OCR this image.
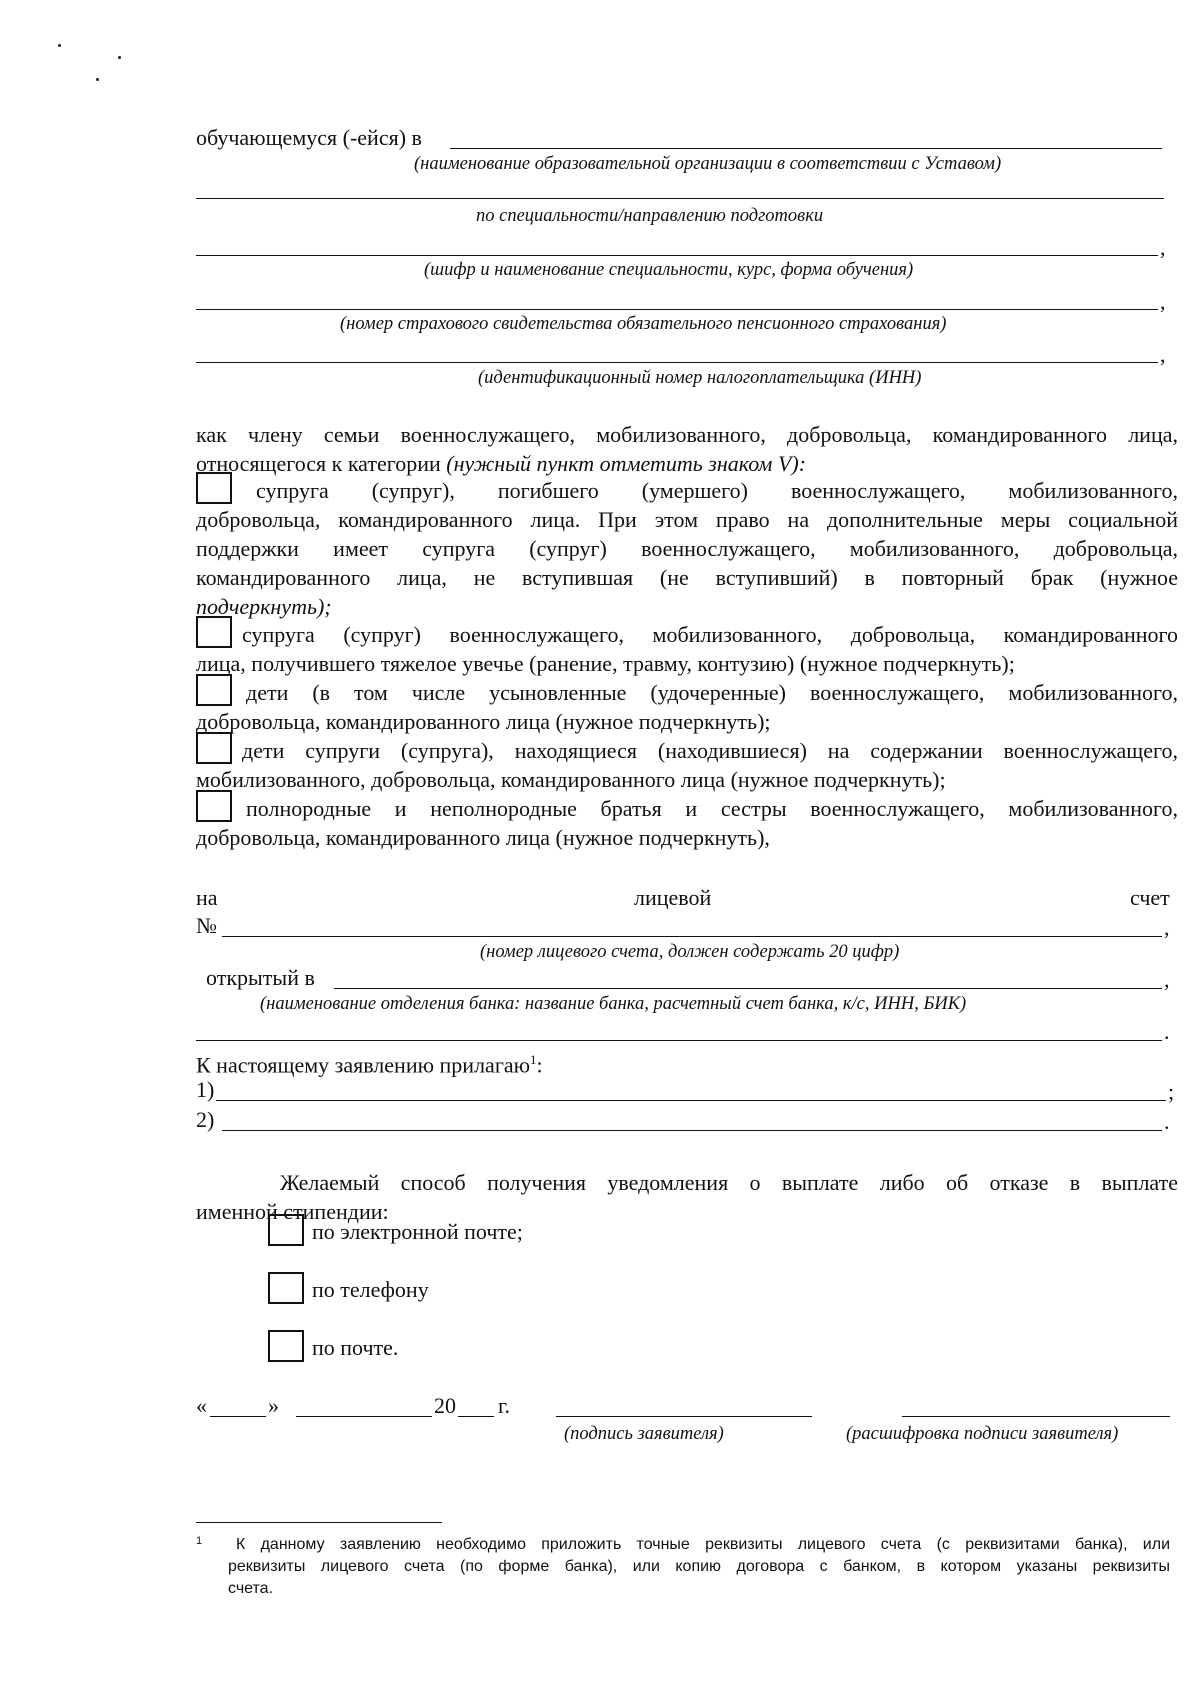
обучающемуся (-ейся) в
(наименование образовательной организации в соответствии с Уставом)
по специальности/направлению подготовки
,
(шифр и наименование специальности, курс, форма обучения)
,
(номер страхового свидетельства обязательного пенсионного страхования)
,
(идентификационный номер налогоплательщика (ИНН)
как члену семьи военнослужащего, мобилизованного, добровольца, командированного лица,
относящегося к категории (нужный пункт отметить знаком V):
супруга (супруг), погибшего (умершего) военнослужащего, мобилизованного,
добровольца, командированного лица. При этом право на дополнительные меры социальной
поддержки имеет супруга (супруг) военнослужащего, мобилизованного, добровольца,
командированного лица, не вступившая (не вступивший) в повторный брак (нужное
подчеркнуть);
супруга (супруг) военнослужащего, мобилизованного, добровольца, командированного
лица, получившего тяжелое увечье (ранение, травму, контузию) (нужное подчеркнуть);
дети (в том числе усыновленные (удочеренные) военнослужащего, мобилизованного,
добровольца, командированного лица (нужное подчеркнуть);
дети супруги (супруга), находящиеся (находившиеся) на содержании военнослужащего,
мобилизованного, добровольца, командированного лица (нужное подчеркнуть);
полнородные и неполнородные братья и сестры военнослужащего, мобилизованного,
добровольца, командированного лица (нужное подчеркнуть),
на	лицевой	счет
№	,
(номер лицевого счета, должен содержать 20 цифр)
открытый в	,
(наименование отделения банка: название банка, расчетный счет банка, к/с, ИНН, БИК)
.
К настоящему заявлению прилагаю$^1$:
1)	;
2)	.
Желаемый способ получения уведомления о выплате либо об отказе в выплате
именной стипендии:
по электронной почте;
по телефону
по почте.
«	»	20 г.
(подпись заявителя)	(расшифровка подписи заявителя)
1 К данному заявлению необходимо приложить точные реквизиты лицевого счета (с реквизитами банка), или
реквизиты лицевого счета (по форме банка), или копию договора с банком, в котором указаны реквизиты
счета.
